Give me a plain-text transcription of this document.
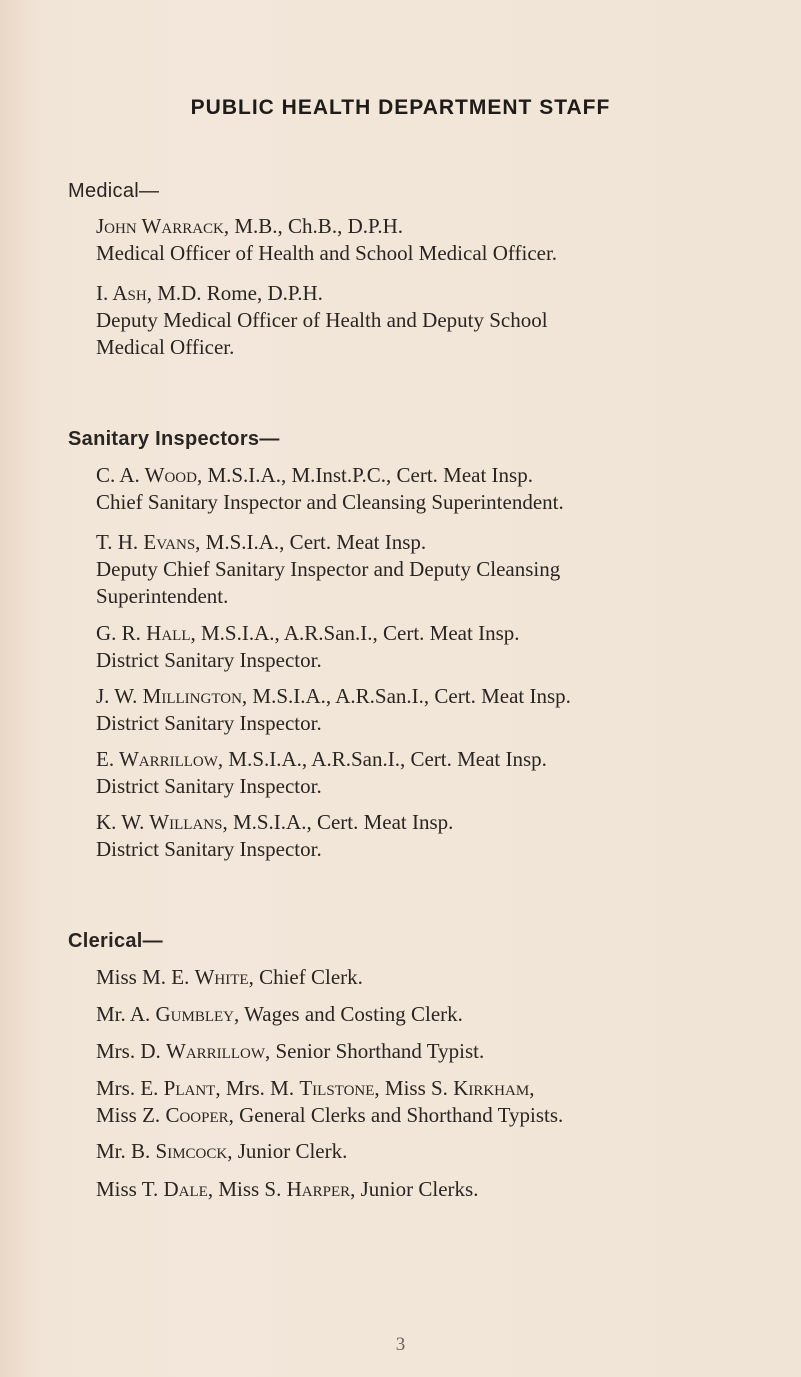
PUBLIC HEALTH DEPARTMENT STAFF
Medical—
John Warrack, M.B., Ch.B., D.P.H.
Medical Officer of Health and School Medical Officer.
I. Ash, M.D. Rome, D.P.H.
Deputy Medical Officer of Health and Deputy School
Medical Officer.
Sanitary Inspectors—
C. A. Wood, M.S.I.A., M.Inst.P.C., Cert. Meat Insp.
Chief Sanitary Inspector and Cleansing Superintendent.
T. H. Evans, M.S.I.A., Cert. Meat Insp.
Deputy Chief Sanitary Inspector and Deputy Cleansing
Superintendent.
G. R. Hall, M.S.I.A., A.R.San.I., Cert. Meat Insp.
District Sanitary Inspector.
J. W. Millington, M.S.I.A., A.R.San.I., Cert. Meat Insp.
District Sanitary Inspector.
E. Warrillow, M.S.I.A., A.R.San.I., Cert. Meat Insp.
District Sanitary Inspector.
K. W. Willans, M.S.I.A., Cert. Meat Insp.
District Sanitary Inspector.
Clerical—
Miss M. E. White, Chief Clerk.
Mr. A. Gumbley, Wages and Costing Clerk.
Mrs. D. Warrillow, Senior Shorthand Typist.
Mrs. E. Plant, Mrs. M. Tilstone, Miss S. Kirkham,
Miss Z. Cooper, General Clerks and Shorthand Typists.
Mr. B. Simcock, Junior Clerk.
Miss T. Dale, Miss S. Harper, Junior Clerks.
3
